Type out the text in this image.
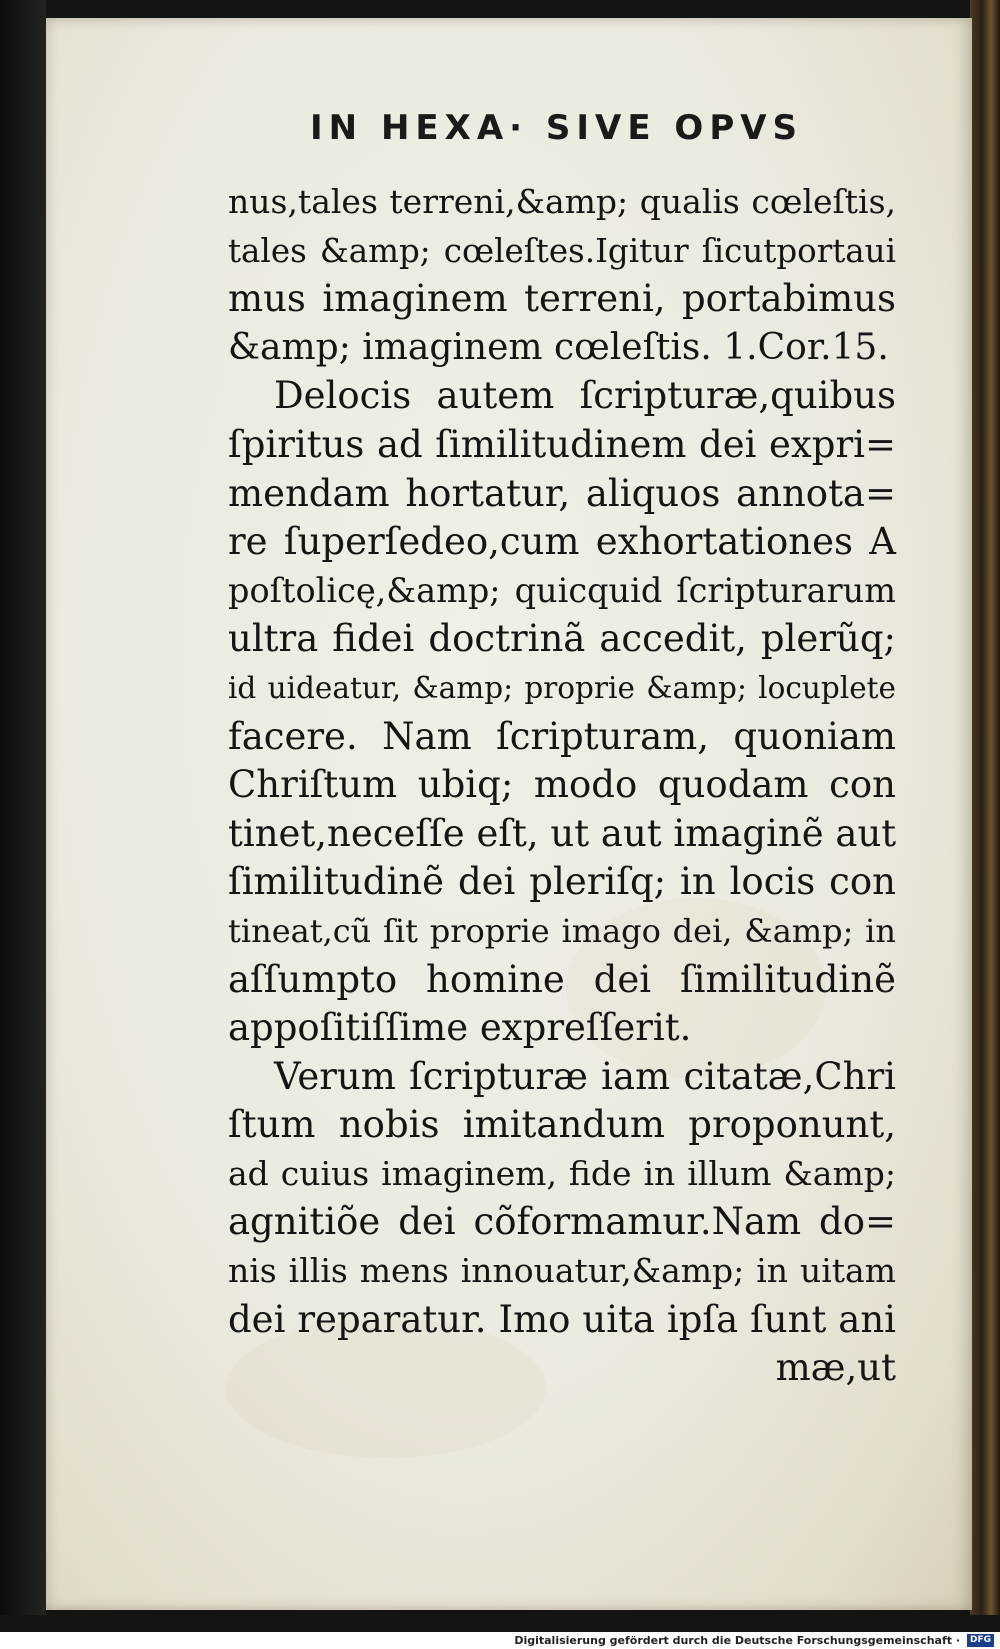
IN HEXA· SIVE OPVS
nus,tales terreni,&amp; qualis cœleſtis,
tales &amp; cœleſtes.Igitur ſicutportaui
mus imaginem terreni, portabimus
&amp; imaginem cœleſtis. 1.Cor.15.
Delocis autem ſcripturæ,quibus
ſpiritus ad ſimilitudinem dei expri=
mendam hortatur, aliquos annota=
re ſuperſedeo,cum exhortationes A
poſtolicę,&amp; quicquid ſcripturarum
ultra fidei doctrinã accedit, plerũq;
id uideatur, &amp; proprie &amp; locuplete
facere. Nam ſcripturam, quoniam
Chriſtum ubiq; modo quodam con
tinet,neceſſe eſt, ut aut imaginẽ aut
ſimilitudinẽ dei pleriſq; in locis con
tineat,cũ ſit proprie imago dei, &amp; in
aſſumpto homine dei ſimilitudinẽ
appoſitiſſime expreſſerit.
Verum ſcripturæ iam citatæ,Chri
ſtum nobis imitandum proponunt,
ad cuius imaginem, fide in illum &amp;
agnitiõe dei cõformamur.Nam do=
nis illis mens innouatur,&amp; in uitam
dei reparatur. Imo uita ipſa ſunt ani
mæ,ut
Digitalisierung gefördert durch die Deutsche Forschungsgemeinschaft ·	DFG
